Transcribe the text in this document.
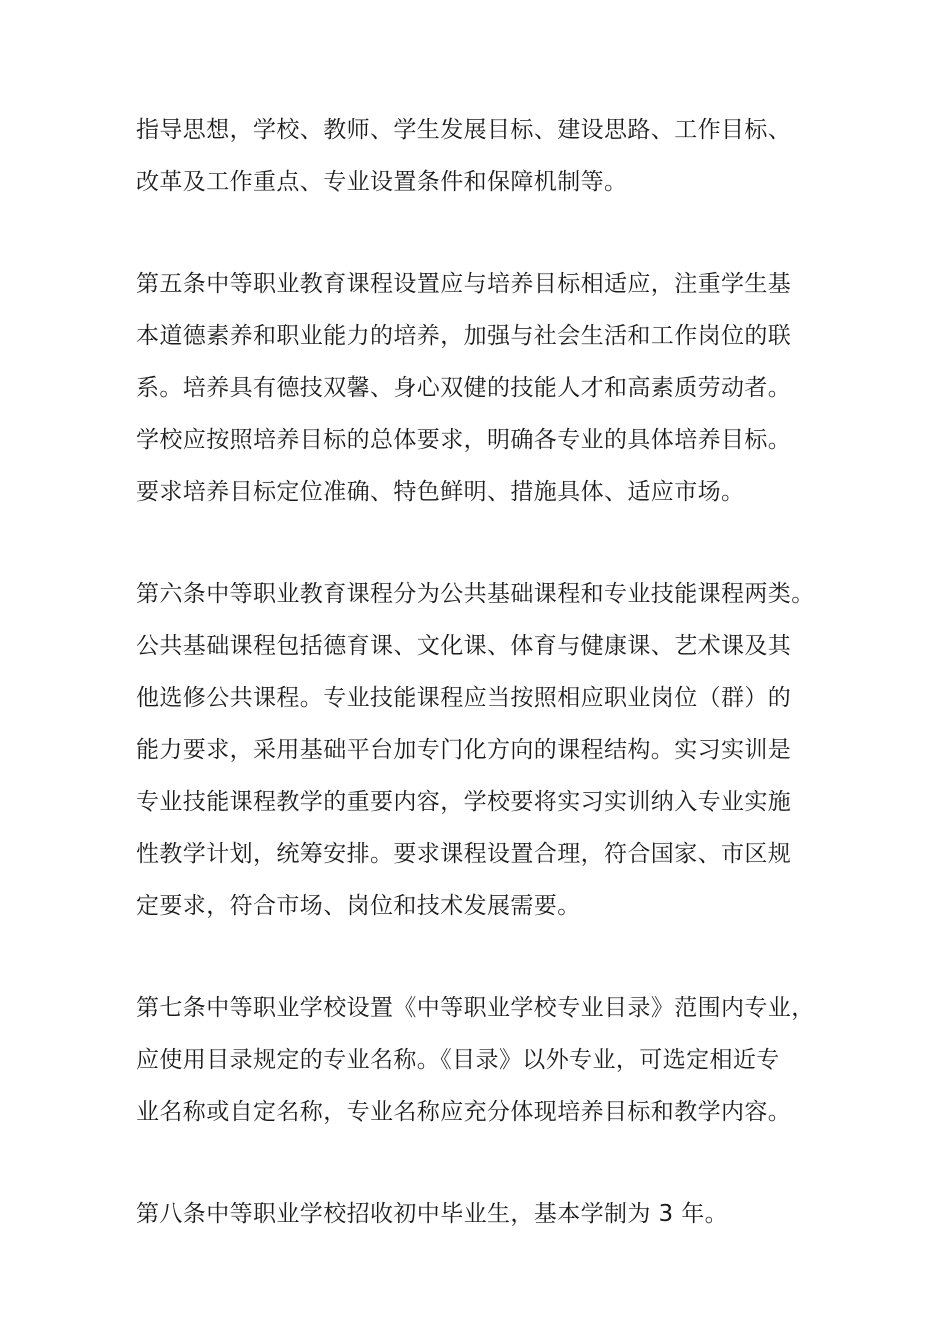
指导思想，学校、教师、学生发展目标、建设思路、工作目标、
改革及工作重点、专业设置条件和保障机制等。

第五条中等职业教育课程设置应与培养目标相适应，注重学生基
本道德素养和职业能力的培养，加强与社会生活和工作岗位的联
系。培养具有德技双馨、身心双健的技能人才和高素质劳动者。
学校应按照培养目标的总体要求，明确各专业的具体培养目标。
要求培养目标定位准确、特色鲜明、措施具体、适应市场。

第六条中等职业教育课程分为公共基础课程和专业技能课程两类。
公共基础课程包括德育课、文化课、体育与健康课、艺术课及其
他选修公共课程。专业技能课程应当按照相应职业岗位（群）的
能力要求，采用基础平台加专门化方向的课程结构。实习实训是
专业技能课程教学的重要内容，学校要将实习实训纳入专业实施
性教学计划，统筹安排。要求课程设置合理，符合国家、市区规
定要求，符合市场、岗位和技术发展需要。

第七条中等职业学校设置《中等职业学校专业目录》范围内专业，
应使用目录规定的专业名称。《目录》以外专业，可选定相近专
业名称或自定名称，专业名称应充分体现培养目标和教学内容。

第八条中等职业学校招收初中毕业生，基本学制为 3 年。
